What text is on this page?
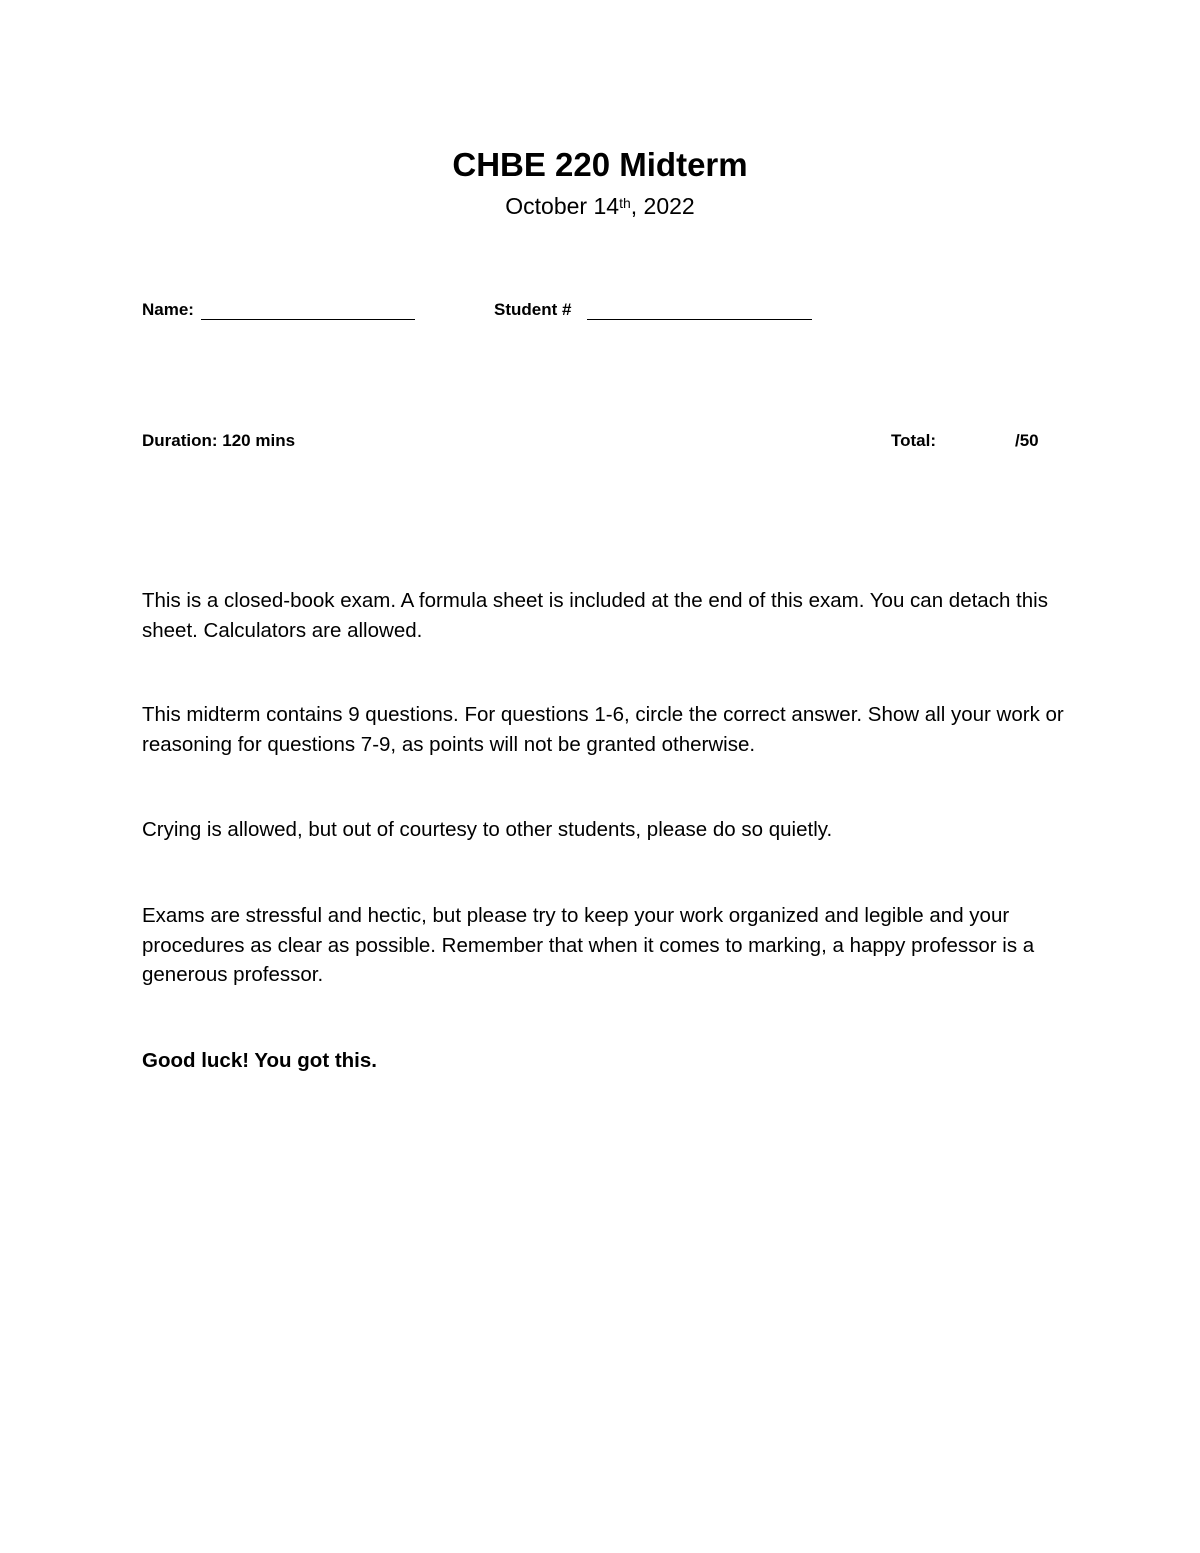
CHBE 220 Midterm
October 14th, 2022
Name:	Student #
Duration: 120 mins	Total:	/50

This is a closed-book exam. A formula sheet is included at the end of this exam. You can detach this sheet. Calculators are allowed.

This midterm contains 9 questions. For questions 1-6, circle the correct answer. Show all your work or reasoning for questions 7-9, as points will not be granted otherwise.

Crying is allowed, but out of courtesy to other students, please do so quietly.

Exams are stressful and hectic, but please try to keep your work organized and legible and your procedures as clear as possible. Remember that when it comes to marking, a happy professor is a generous professor.

Good luck! You got this.
